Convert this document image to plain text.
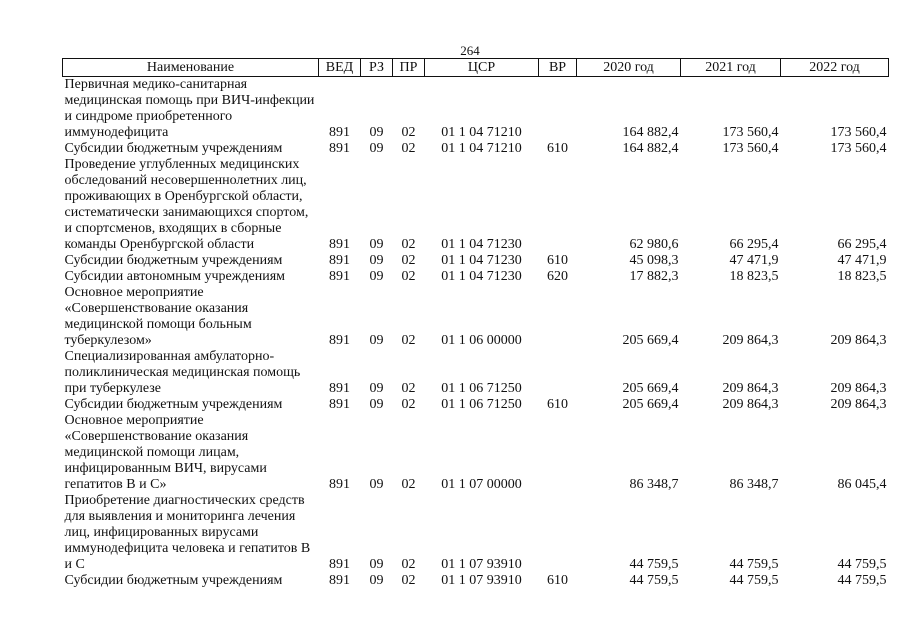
264
Наименование	ВЕД	РЗ	ПР	ЦСР	ВР	2020 год	2021 год	2022 год
Первичная медико-санитарная медицинская помощь при ВИЧ-инфекции и синдроме приобретенного иммунодефицита	891	09	02	01 1 04 71210		164 882,4	173 560,4	173 560,4
Субсидии бюджетным учреждениям	891	09	02	01 1 04 71210	610	164 882,4	173 560,4	173 560,4
Проведение углубленных медицинских обследований несовершеннолетних лиц, проживающих в Оренбургской области, систематически занимающихся спортом, и спортсменов, входящих в сборные команды Оренбургской области	891	09	02	01 1 04 71230		62 980,6	66 295,4	66 295,4
Субсидии бюджетным учреждениям	891	09	02	01 1 04 71230	610	45 098,3	47 471,9	47 471,9
Субсидии автономным учреждениям	891	09	02	01 1 04 71230	620	17 882,3	18 823,5	18 823,5
Основное мероприятие «Совершенствование оказания медицинской помощи больным туберкулезом»	891	09	02	01 1 06 00000		205 669,4	209 864,3	209 864,3
Специализированная амбулаторно-поликлиническая медицинская помощь при туберкулезе	891	09	02	01 1 06 71250		205 669,4	209 864,3	209 864,3
Субсидии бюджетным учреждениям	891	09	02	01 1 06 71250	610	205 669,4	209 864,3	209 864,3
Основное мероприятие «Совершенствование оказания медицинской помощи лицам, инфицированным ВИЧ, вирусами гепатитов B и C»	891	09	02	01 1 07 00000		86 348,7	86 348,7	86 045,4
Приобретение диагностических средств для выявления и мониторинга лечения лиц, инфицированных вирусами иммунодефицита человека и гепатитов B и C	891	09	02	01 1 07 93910		44 759,5	44 759,5	44 759,5
Субсидии бюджетным учреждениям	891	09	02	01 1 07 93910	610	44 759,5	44 759,5	44 759,5
